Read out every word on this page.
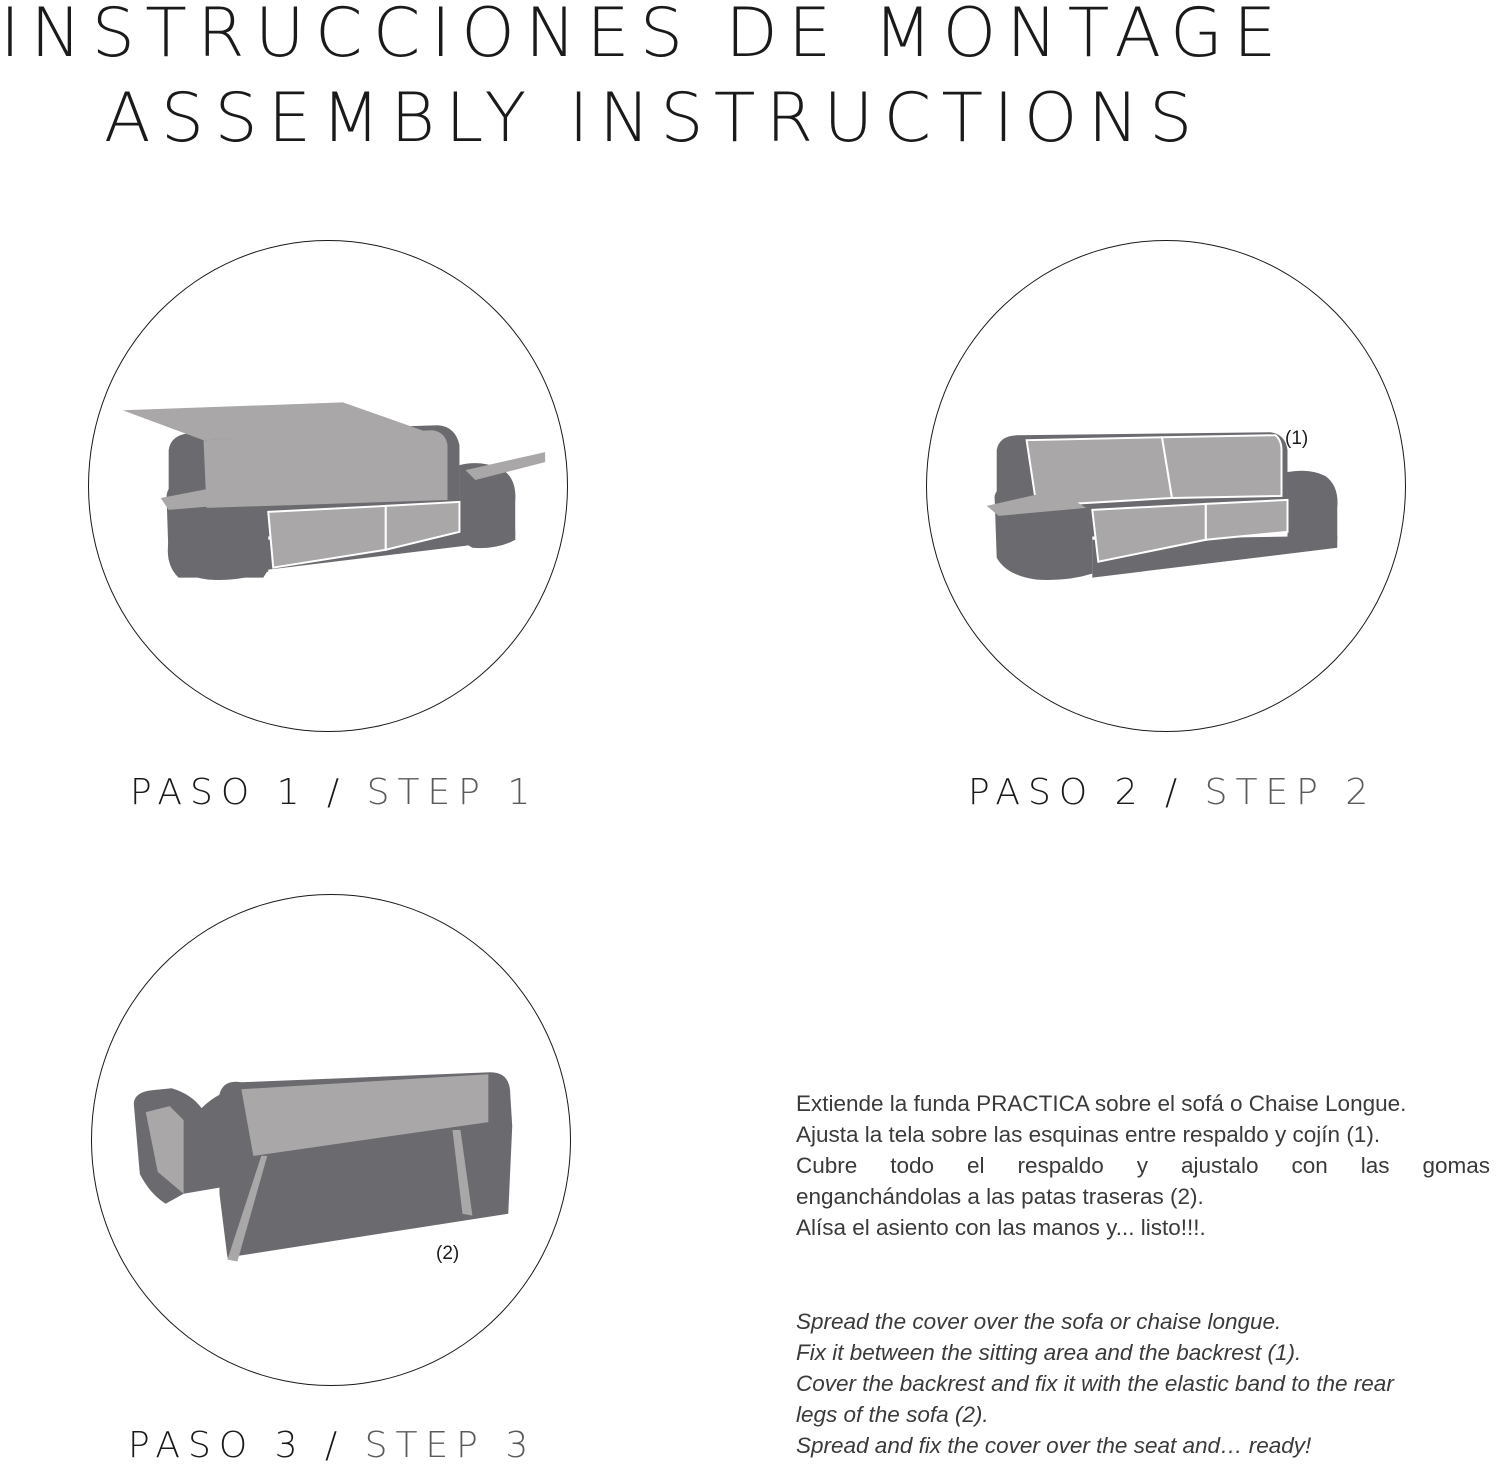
INSTRUCCIONES DE MONTAGE
ASSEMBLY INSTRUCTIONS
PASO 1 / STEP 1
(1)
PASO 2 / STEP 2
(2)
PASO 3 / STEP 3

Extiende la funda PRACTICA sobre el sofá o Chaise Longue.

Ajusta la tela sobre las esquinas entre respaldo y cojín (1).

Cubre todo el respaldo y ajustalo con las gomas

enganchándolas a las patas traseras (2).

Alísa el asiento con las manos y... listo!!!.

Spread the cover over the sofa or chaise longue.

Fix it between the sitting area and the backrest (1).

Cover the backrest and fix it with the elastic band to the rear

legs of the sofa (2).

Spread and fix the cover over the seat and… ready!
